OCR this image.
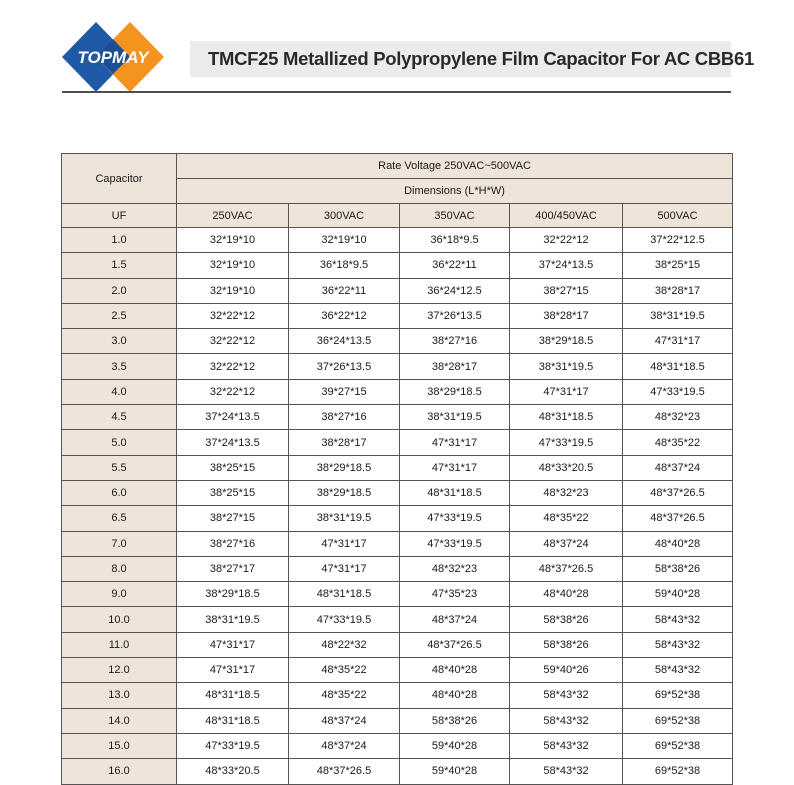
TOPMAY	TMCF25 Metallized Polypropylene Film Capacitor For AC CBB61
Capacitor	Rate Voltage 250VAC~500VAC				
	Dimensions (L*H*W)				
UF	250VAC	300VAC	350VAC	400/450VAC	500VAC
1.0	32*19*10	32*19*10	36*18*9.5	32*22*12	37*22*12.5
1.5	32*19*10	36*18*9.5	36*22*11	37*24*13.5	38*25*15
2.0	32*19*10	36*22*11	36*24*12.5	38*27*15	38*28*17
2.5	32*22*12	36*22*12	37*26*13.5	38*28*17	38*31*19.5
3.0	32*22*12	36*24*13.5	38*27*16	38*29*18.5	47*31*17
3.5	32*22*12	37*26*13.5	38*28*17	38*31*19.5	48*31*18.5
4.0	32*22*12	39*27*15	38*29*18.5	47*31*17	47*33*19.5
4.5	37*24*13.5	38*27*16	38*31*19.5	48*31*18.5	48*32*23
5.0	37*24*13.5	38*28*17	47*31*17	47*33*19.5	48*35*22
5.5	38*25*15	38*29*18.5	47*31*17	48*33*20.5	48*37*24
6.0	38*25*15	38*29*18.5	48*31*18.5	48*32*23	48*37*26.5
6.5	38*27*15	38*31*19.5	47*33*19.5	48*35*22	48*37*26.5
7.0	38*27*16	47*31*17	47*33*19.5	48*37*24	48*40*28
8.0	38*27*17	47*31*17	48*32*23	48*37*26.5	58*38*26
9.0	38*29*18.5	48*31*18.5	47*35*23	48*40*28	59*40*28
10.0	38*31*19.5	47*33*19.5	48*37*24	58*38*26	58*43*32
11.0	47*31*17	48*22*32	48*37*26.5	58*38*26	58*43*32
12.0	47*31*17	48*35*22	48*40*28	59*40*26	58*43*32
13.0	48*31*18.5	48*35*22	48*40*28	58*43*32	69*52*38
14.0	48*31*18.5	48*37*24	58*38*26	58*43*32	69*52*38
15.0	47*33*19.5	48*37*24	59*40*28	58*43*32	69*52*38
16.0	48*33*20.5	48*37*26.5	59*40*28	58*43*32	69*52*38
